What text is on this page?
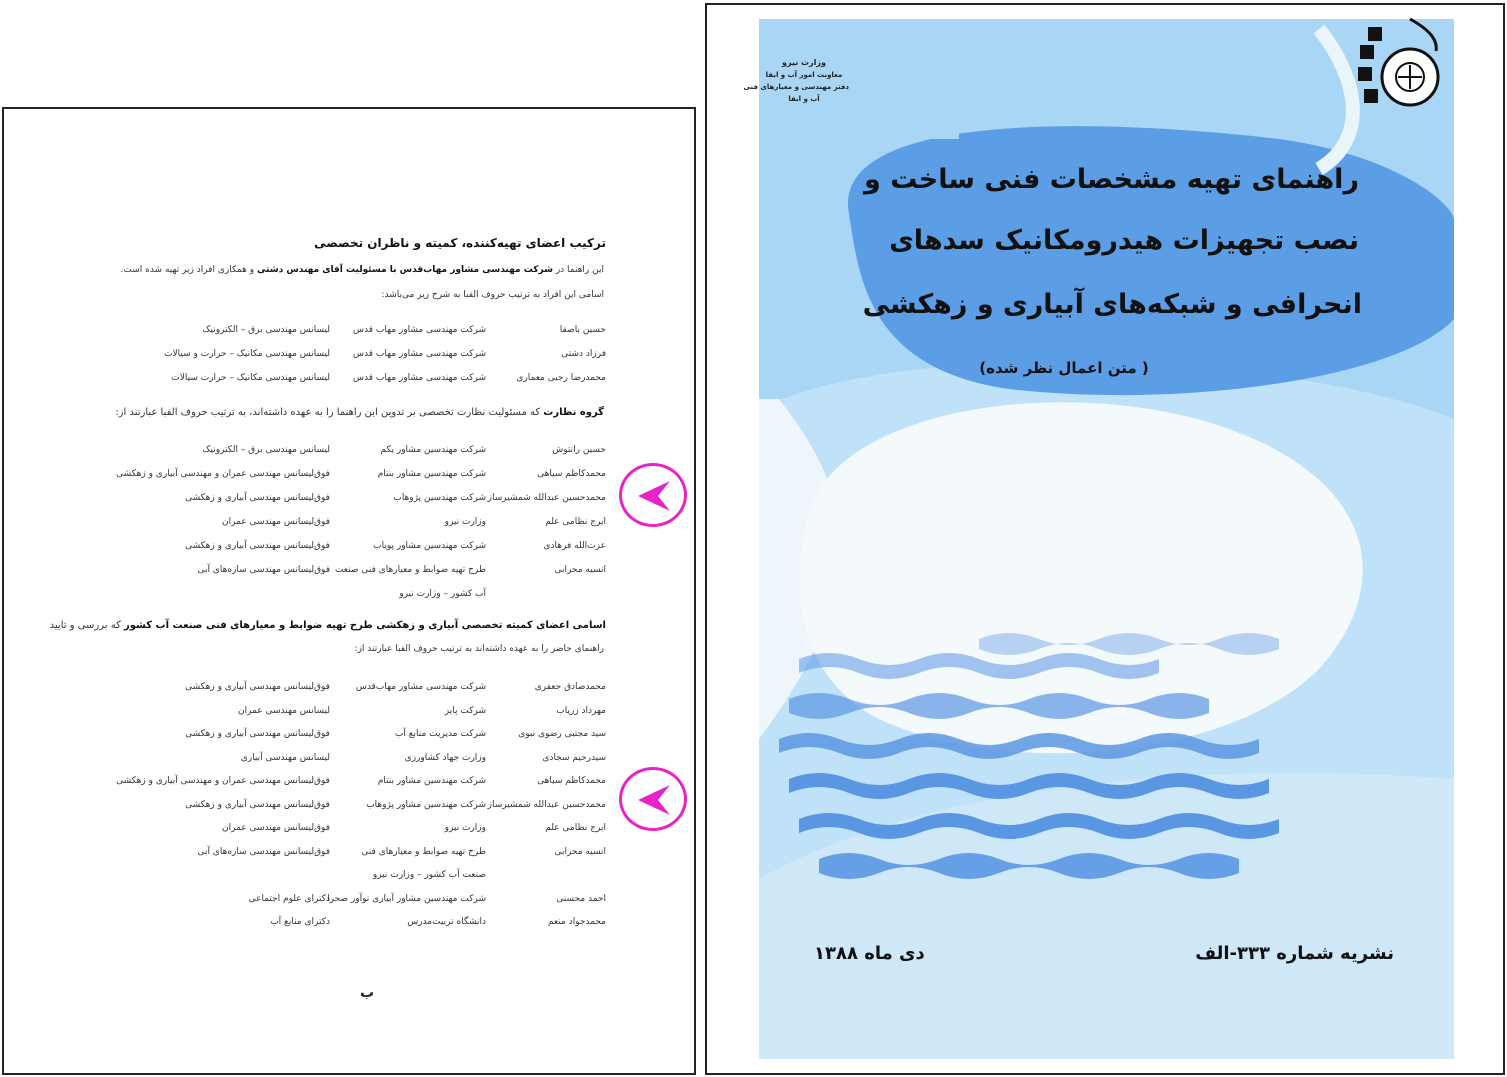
ترکیب اعضای تهیه‌کننده، کمیته و ناظران تخصصی
این راهنما در شرکت مهندسی مشاور مهاب‌قدس با مسئولیت آقای مهندس دشتی و همکاری افراد زیر تهیه شده است.
اسامی این افراد به ترتیب حروف الفبا به شرح زیر می‌باشد:
حسین باصفا
شرکت مهندسی مشاور مهاب قدس
لیسانس مهندسی برق – الکترونیک
فرزاد دشتی
شرکت مهندسی مشاور مهاب قدس
لیسانس مهندسی مکانیک – حرارت و سیالات
محمدرضا رجبی معماری
شرکت مهندسی مشاور مهاب قدس
لیسانس مهندسی مکانیک – حرارت سیالات
گروه نظارت که مسئولیت نظارت تخصصی بر تدوین این راهنما را به عهده داشته‌اند، به ترتیب حروف الفبا عبارتند از:
حسین رانتوش
شرکت مهندسین مشاور یکم
لیسانس مهندسی برق – الکترونیک
محمدکاظم سیاهی
شرکت مهندسین مشاور بنتام
فوق‌لیسانس مهندسی عمران و مهندسی آبیاری و زهکشی
محمدحسین عبدالله شمشیرساز
شرکت مهندسین پژوهاب
فوق‌لیسانس مهندسی آبیاری و زهکشی
ایرج نظامی علم
وزارت نیرو
فوق‌لیسانس مهندسی عمران
عزت‌الله فرهادی
شرکت مهندسین مشاور پویاب
فوق‌لیسانس مهندسی آبیاری و زهکشی
انسیه محرابی
طرح تهیه ضوابط و معیارهای فنی صنعت
فوق‌لیسانس مهندسی سازه‌های آبی
آب کشور – وزارت نیرو
اسامی اعضای کمیته تخصصی آبیاری و زهکشی طرح تهیه ضوابط و معیارهای فنی صنعت آب کشور که بررسی و تایید
راهنمای حاضر را به عهده داشته‌اند به ترتیب حروف الفبا عبارتند از:
محمدصادق جعفری
شرکت مهندسی مشاور مهاب‌قدس
فوق‌لیسانس مهندسی آبیاری و زهکشی
مهرداد زریاب
شرکت پایز
لیسانس مهندسی عمران
سید مجتبی رضوی نبوی
شرکت مدیریت منابع آب
فوق‌لیسانس مهندسی آبیاری و زهکشی
سیدرحیم سجادی
وزارت جهاد کشاورزی
لیسانس مهندسی آبیاری
محمدکاظم سیاهی
شرکت مهندسین مشاور بنتام
فوق‌لیسانس مهندسی عمران و مهندسی آبیاری و زهکشی
محمدحسین عبدالله شمشیرساز
شرکت مهندسین مشاور پژوهاب
فوق‌لیسانس مهندسی آبیاری و زهکشی
ایرج نظامی علم
وزارت نیرو
فوق‌لیسانس مهندسی عمران
انسیه محرابی
طرح تهیه ضوابط و معیارهای فنی
فوق‌لیسانس مهندسی سازه‌های آبی
صنعت آب کشور – وزارت نیرو
احمد محسنی
شرکت مهندسین مشاور آبیاری نوآور صحرا
دکترای علوم اجتماعی
محمدجواد منعم
دانشگاه تربیت‌مدرس
دکترای منابع آب
ب
وزارت نیرو
معاونت امور آب و ابفا
دفتر مهندسی و معیارهای فنی
آب و ابفا
راهنمای تهیه مشخصات فنی ساخت و
نصب تجهیزات هیدرومکانیک سدهای
انحرافی و شبکه‌های آبیاری و زهکشی
( متن اعمال نظر شده)
نشریه شماره ۳۳۳-الف
دی ماه ۱۳۸۸
